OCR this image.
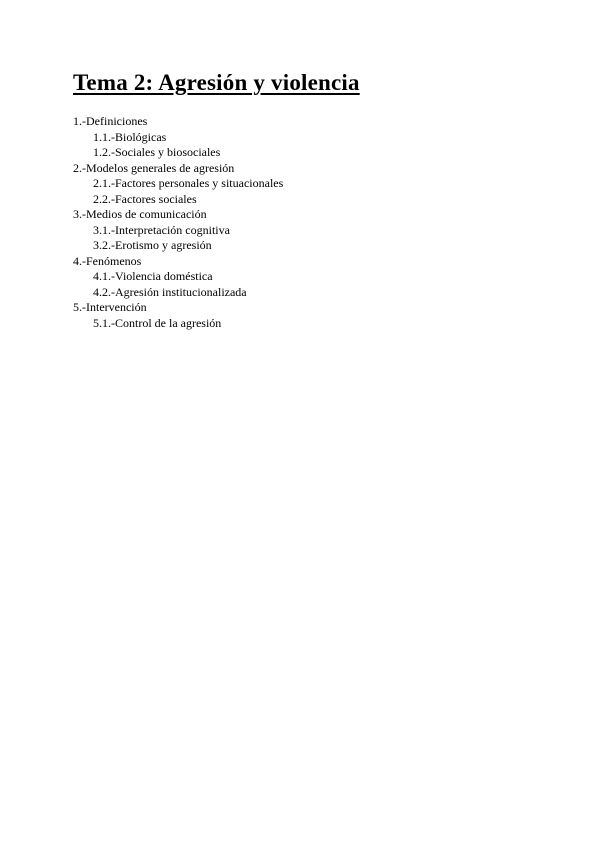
Tema 2: Agresión y violencia
1.-Definiciones
1.1.-Biológicas
1.2.-Sociales y biosociales
2.-Modelos generales de agresión
2.1.-Factores personales y situacionales
2.2.-Factores sociales
3.-Medios de comunicación
3.1.-Interpretación cognitiva
3.2.-Erotismo y agresión
4.-Fenómenos
4.1.-Violencia doméstica
4.2.-Agresión institucionalizada
5.-Intervención
5.1.-Control de la agresión
